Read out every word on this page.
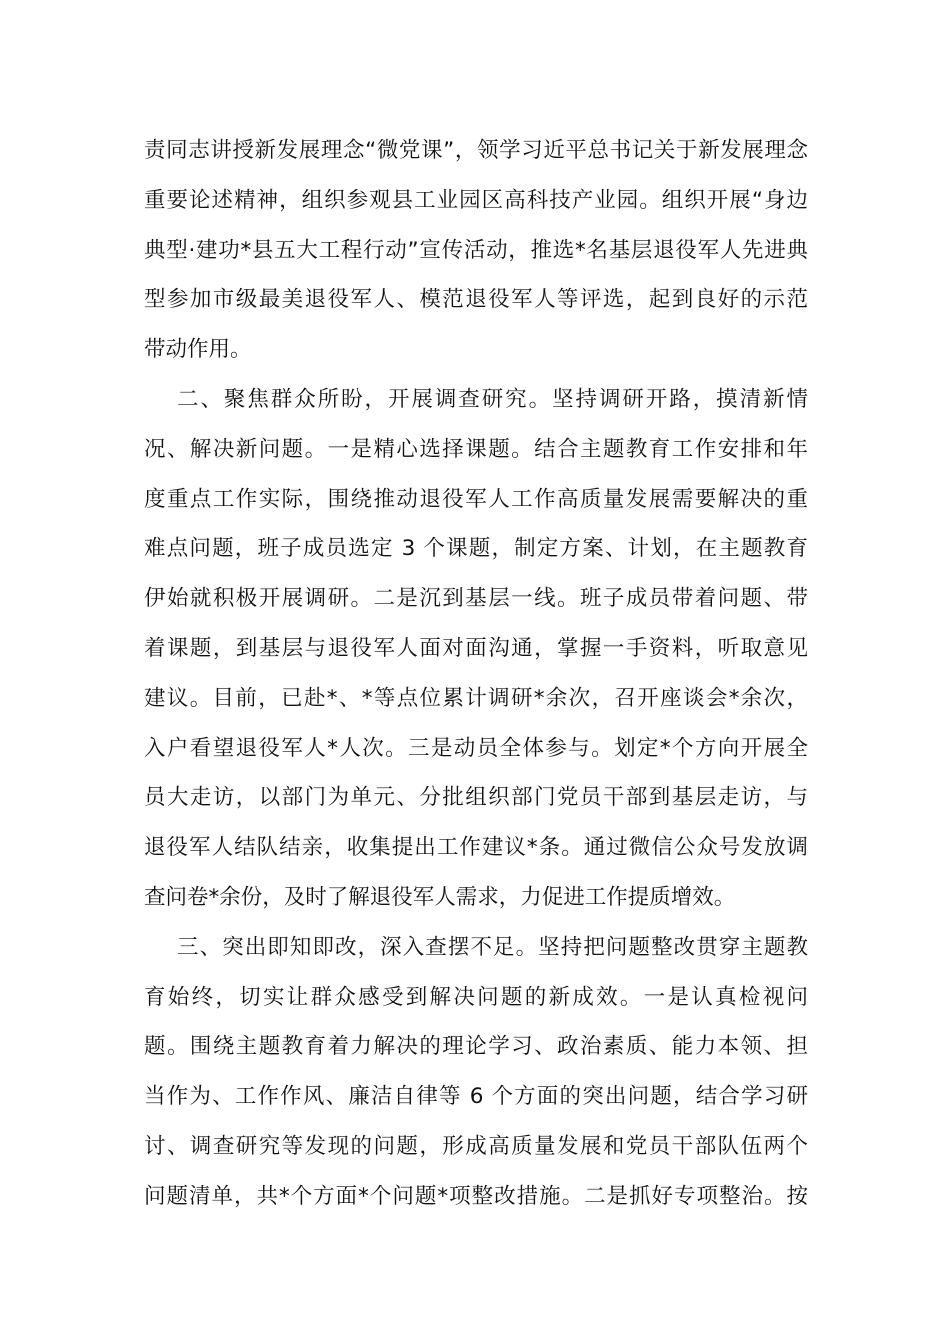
责同志讲授新发展理念“微党课”，领学习近平总书记关于新发展理念
重要论述精神，组织参观县工业园区高科技产业园。组织开展“身边
典型·建功*县五大工程行动”宣传活动，推选*名基层退役军人先进典
型参加市级最美退役军人、模范退役军人等评选，起到良好的示范
带动作用。
二、聚焦群众所盼，开展调查研究。坚持调研开路，摸清新情
况、解决新问题。一是精心选择课题。结合主题教育工作安排和年
度重点工作实际，围绕推动退役军人工作高质量发展需要解决的重
难点问题，班子成员选定 3 个课题，制定方案、计划，在主题教育
伊始就积极开展调研。二是沉到基层一线。班子成员带着问题、带
着课题，到基层与退役军人面对面沟通，掌握一手资料，听取意见
建议。目前，已赴*、*等点位累计调研*余次，召开座谈会*余次，
入户看望退役军人*人次。三是动员全体参与。划定*个方向开展全
员大走访，以部门为单元、分批组织部门党员干部到基层走访，与
退役军人结队结亲，收集提出工作建议*条。通过微信公众号发放调
查问卷*余份，及时了解退役军人需求，力促进工作提质增效。
三、突出即知即改，深入查摆不足。坚持把问题整改贯穿主题教
育始终，切实让群众感受到解决问题的新成效。一是认真检视问
题。围绕主题教育着力解决的理论学习、政治素质、能力本领、担
当作为、工作作风、廉洁自律等 6 个方面的突出问题，结合学习研
讨、调查研究等发现的问题，形成高质量发展和党员干部队伍两个
问题清单，共*个方面*个问题*项整改措施。二是抓好专项整治。按
